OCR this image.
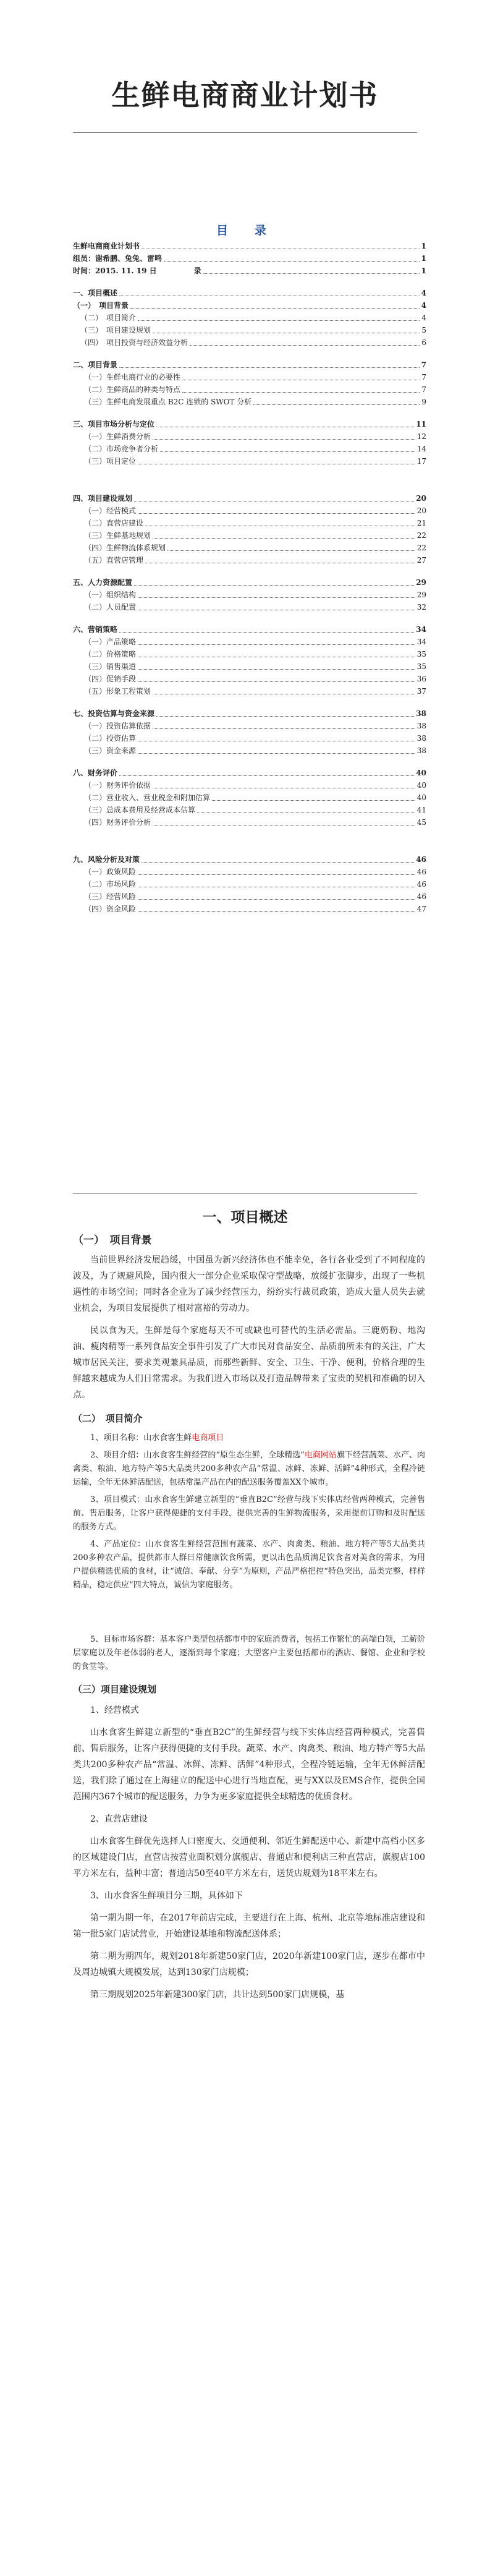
生鲜电商商业计划书
目　录
生鲜电商商业计划书	1
组员：谢希鹏、兔兔、雷鸣	1
时间：2015. 11. 19 日　　　　　录	1
一、项目概述	4
（一）　项目背景	4
（二）　项目简介	4
（三）　项目建设规划	5
（四）　项目投资与经济效益分析	6
二、项目背景	7
（一）生鲜电商行业的必要性	7
（二）生鲜商品的种类与特点	7
（三）生鲜电商发展重点 B2C 连锁的 SWOT 分析	9
三、项目市场分析与定位	11
（一）生鲜消费分析	12
（二）市场竞争者分析	14
（三）项目定位	17
四、项目建设规划	20
（一）经营模式	20
（二）直营店建设	21
（三）生鲜基地规划	22
（四）生鲜物流体系规划	22
（五）直营店管理	27
五、人力资源配置	29
（一）组织结构	29
（二）人员配置	32
六、营销策略	34
（一）产品策略	34
（二）价格策略	35
（三）销售渠道	35
（四）促销手段	36
（五）形象工程策划	37
七、投资估算与资金来源	38
（一）投资估算依据	38
（二）投资估算	38
（三）资金来源	38
八、财务评价	40
（一）财务评价依据	40
（二）营业收入、营业税金和附加估算	40
（三）总成本费用及经营成本估算	41
（四）财务评价分析	45
九、风险分析及对策	46
（一）政策风险	46
（二）市场风险	46
（三）经营风险	46
（四）资金风险	47
一、项目概述
（一）　项目背景

当前世界经济发展趋缓，中国虽为新兴经济体也不能幸免，各行各业受到了不同程度的波及，为了规避风险，国内很大一部分企业采取保守型战略，放缓扩张脚步，出现了一些机遇性的市场空间；同时各企业为了减少经营压力，纷纷实行裁员政策，造成大量人员失去就业机会，为项目发展提供了相对富裕的劳动力。

民以食为天，生鲜是每个家庭每天不可或缺也可替代的生活必需品。三鹿奶粉、地沟油、瘦肉精等一系列食品安全事件引发了广大市民对食品安全、品质前所未有的关注，广大城市居民关注，要求美观兼具品质，而那些新鲜、安全、卫生、干净、便利，价格合理的生鲜越来越成为人们日常需求。为我们进入市场以及打造品牌带来了宝贵的契机和准确的切入点。

（二）　项目简介

1、项目名称：山水食客生鲜电商项目

2、项目介绍：山水食客生鲜经营的“原生态生鲜，全球精选”电商网站旗下经营蔬菜、水产、肉禽类、粮油、地方特产等5大品类共200多种农产品“常温、冰鲜、冻鲜、活鲜”4种形式，全程冷链运输，全年无休鲜活配送，包括常温产品在内的配送服务覆盖XX个城市。

3、项目模式：山水食客生鲜建立新型的“垂直B2C”经营与线下实体店经营两种模式，完善售前、售后服务，让客户获得便捷的支付手段，提供完善的生鲜物流服务，采用提前订购和及时配送的服务方式。

4、产品定位：山水食客生鲜经营范围有蔬菜、水产、肉禽类、粮油、地方特产等5大品类共200多种农产品，提供都市人群日常健康饮食所需，更以出色品质满足饮食者对美食的需求，为用户提供精选优质的食材，让“诚信、奉献、分享”为原则，产品严格把控“特色突出，品类完整，样样精品，稳定供应”四大特点，诚信为家庭服务。

5、目标市场客群：基本客户类型包括都市中的家庭消费者，包括工作繁忙的高端白领，工薪阶层家庭以及年老体弱的老人，逐渐到每个家庭；大型客户主要包括都市的酒店、餐馆、企业和学校的食堂等。

（三）项目建设规划

1、经营模式

山水食客生鲜建立新型的“垂直B2C”的生鲜经营与线下实体店经营两种模式，完善售前、售后服务，让客户获得便捷的支付手段。蔬菜、水产、肉禽类、粮油、地方特产等5大品类共200多种农产品“常温、冰鲜、冻鲜、活鲜”4种形式，全程冷链运输，全年无休鲜活配送，我们除了通过在上海建立的配送中心进行当地直配，更与XX以及EMS合作，提供全国范围内367个城市的配送服务，力争为更多家庭提供全球精选的优质食材。

2、直营店建设

山水食客生鲜优先选择人口密度大、交通便利、邻近生鲜配送中心、新建中高档小区多的区域建设门店，直营店按营业面积划分旗舰店、普通店和便利店三种直营店，旗舰店100平方米左右，益种丰富；普通店50至40平方米左右，送货店规划为18平米左右。

3、山水食客生鲜项目分三期，具体如下

第一期为期一年，在2017年前店完成，主要进行在上海、杭州、北京等地标准店建设和第一批5家门店试营业，开始建设基地和物流配送体系；

第二期为期四年，规划2018年新建50家门店，2020年新建100家门店，逐步在都市中及周边城镇大规模发展，达到130家门店规模；

第三期规划2025年新建300家门店，共计达到500家门店规模，基
